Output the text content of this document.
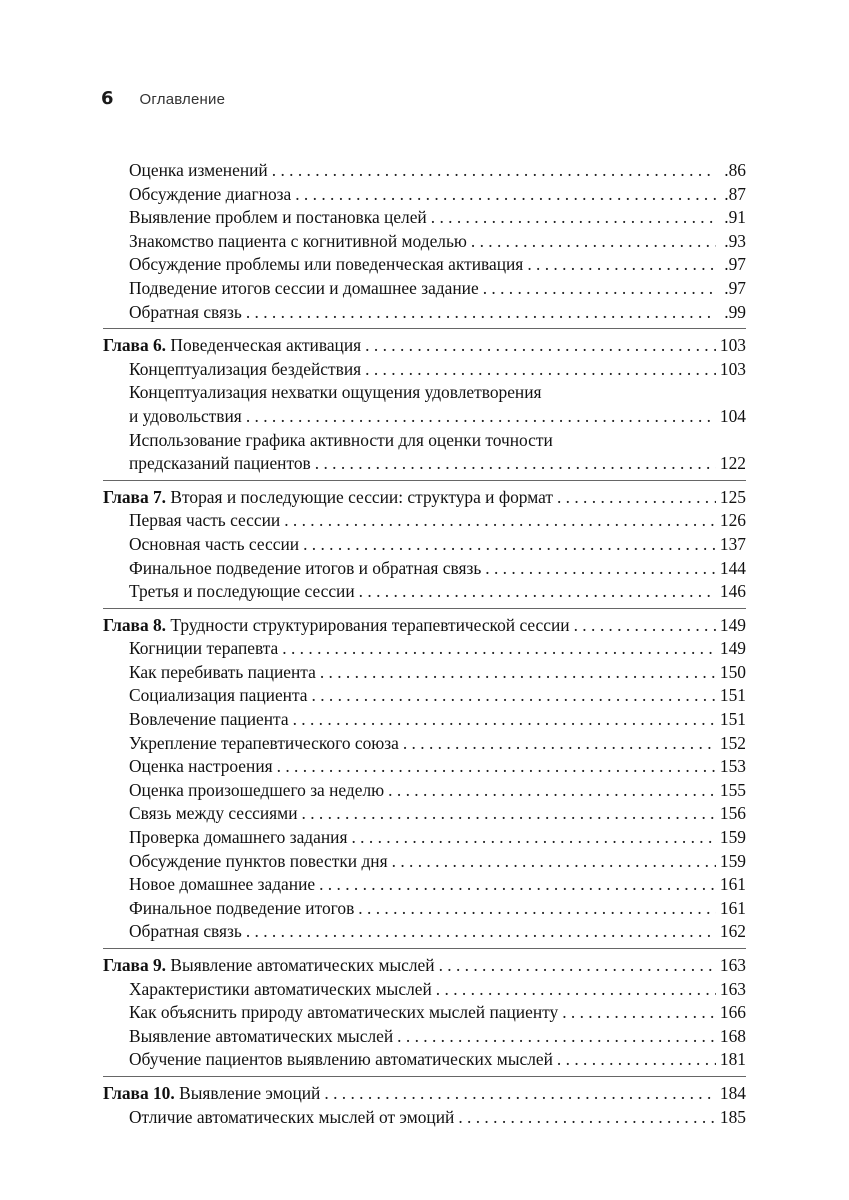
6 Оглавление
Оценка изменений . . .	.86
Обсуждение диагноза . . .	.87
Выявление проблем и постановка целей . . .	.91
Знакомство пациента с когнитивной моделью . . .	.93
Обсуждение проблемы или поведенческая активация . . .	.97
Подведение итогов сессии и домашнее задание . . .	.97
Обратная связь . . .	.99
Глава 6. Поведенческая активация . . .	103
Концептуализация бездействия . . .	103
Концептуализация нехватки ощущения удовлетворения
и удовольствия . . .	104
Использование графика активности для оценки точности
предсказаний пациентов . . .	122
Глава 7. Вторая и последующие сессии: структура и формат . . .	125
Первая часть сессии . . .	126
Основная часть сессии . . .	137
Финальное подведение итогов и обратная связь . . .	144
Третья и последующие сессии . . .	146
Глава 8. Трудности структурирования терапевтической сессии . . .	149
Когниции терапевта . . .	149
Как перебивать пациента . . .	150
Социализация пациента . . .	151
Вовлечение пациента . . .	151
Укрепление терапевтического союза . . .	152
Оценка настроения . . .	153
Оценка произошедшего за неделю . . .	155
Связь между сессиями . . .	156
Проверка домашнего задания . . .	159
Обсуждение пунктов повестки дня . . .	159
Новое домашнее задание . . .	161
Финальное подведение итогов . . .	161
Обратная связь . . .	162
Глава 9. Выявление автоматических мыслей . . .	163
Характеристики автоматических мыслей . . .	163
Как объяснить природу автоматических мыслей пациенту . . .	166
Выявление автоматических мыслей . . .	168
Обучение пациентов выявлению автоматических мыслей . . .	181
Глава 10. Выявление эмоций . . .	184
Отличие автоматических мыслей от эмоций . . .	185
